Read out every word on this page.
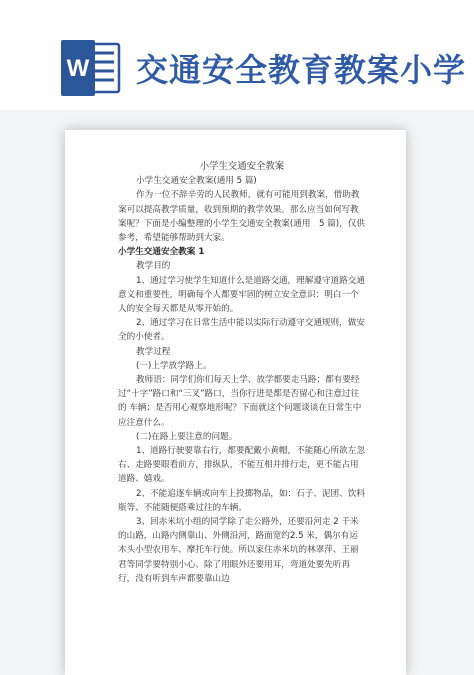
W 交通安全教育教案小学

小学生交通安全教案

小学生交通安全教案(通用 5 篇)

作为一位不辞辛劳的人民教师，就有可能用到教案，借助教案可以提高教学质量，收到预期的教学效果。那么应当如何写教案呢？下面是小编整理的小学生交通安全教案(通用　5 篇)，仅供参考，希望能够帮助到大家。

小学生交通安全教案 1

教学目的

1、通过学习使学生知道什么是道路交通，理解遵守道路交通意义和重要性，明确每个人都要牢固的树立安全意识：明白一个人的安全每天都是从零开始的。

2、通过学习在日常生活中能以实际行动遵守交通规则，做安全的小使者。

教学过程

(一)上学放学路上。

教师语：同学们你们每天上学、放学都要走马路；都有要经过“十字”路口和“三叉”路口，当你行进是都是否留心和注意过往的 车辆；是否用心观察地形呢？下面就这个问题谈谈在日常生中应注意什么。

(二)在路上要注意的问题。

1、道路行驶要靠右行，都要配戴小黄帽，不能随心所欲左忽右、走路要眼看前方，排纵队，不能互相并排行走，更不能占用道路、嬉戏。

2、不能追逐车辆或向车上投掷物品，如：石子、泥团、饮料瓶等、不能随便搭乘过往的车辆。

3、回赤米坑小组的同学除了走公路外，还要沿河走 2 千米的山路，山路内侧靠山、外侧沿河，路面宽约2.5 米，偶尔有运木头小型农用车、摩托车行使。所以家住赤米坑的林翠萍、王丽君等同学要特别小心、除了用眼外还要用耳，弯道处要先听再行，没有听到车声都要靠山边
